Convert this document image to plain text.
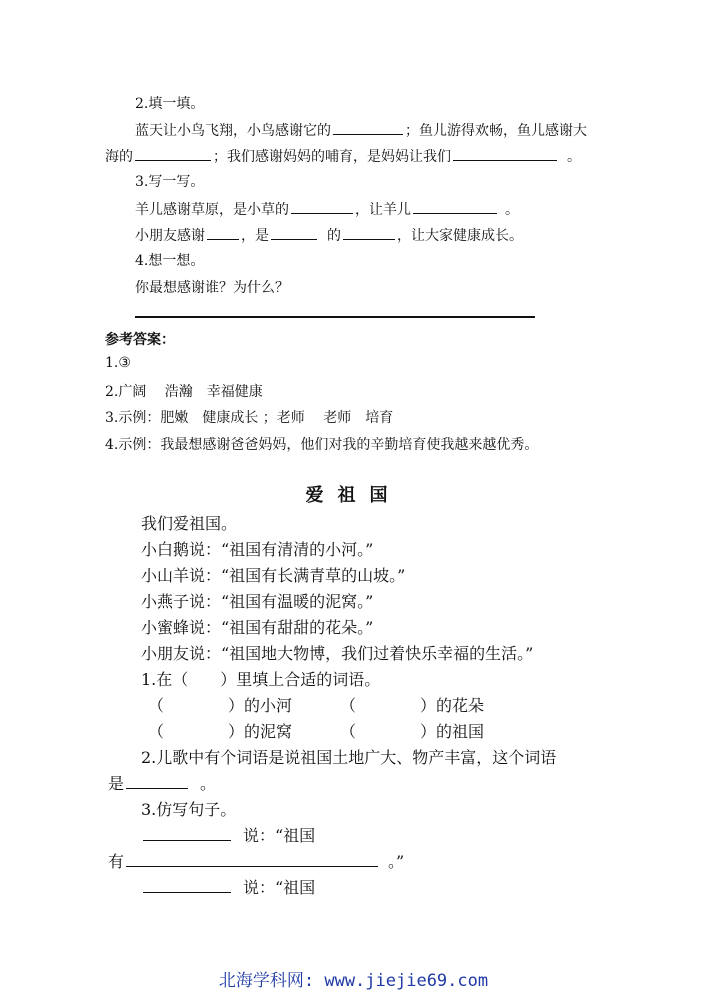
2.填一填。
蓝天让小鸟飞翔，小鸟感谢它的	；鱼儿游得欢畅，鱼儿感谢大
海的	；我们感谢妈妈的哺育，是妈妈让我们	。
3.写一写。
羊儿感谢草原，是小草的	，让羊儿	。
小朋友感谢	，是	的	，让大家健康成长。
4.想一想。
你最想感谢谁？为什么？
参考答案：
1.③
2.广阔　 浩瀚　幸福健康
3.示例：肥嫩　健康成长 ；老师　 老师　培育
4.示例：我最想感谢爸爸妈妈，他们对我的辛勤培育使我越来越优秀。
爱祖国
我们爱祖国。
小白鹅说：“祖国有清清的小河。”
小山羊说：“祖国有长满青草的山坡。”
小燕子说：“祖国有温暖的泥窝。”
小蜜蜂说：“祖国有甜甜的花朵。”
小朋友说：“祖国地大物博，我们过着快乐幸福的生活。”
1.在（　　）里填上合适的词语。
（　　　　）的小河	（　　　　）的花朵
（　　　　）的泥窝	（　　　　）的祖国
2.儿歌中有个词语是说祖国土地广大、物产丰富，这个词语
是	。
3.仿写句子。
说：“祖国
有	。”
说：“祖国
北海学科网: www.jiejie69.com
